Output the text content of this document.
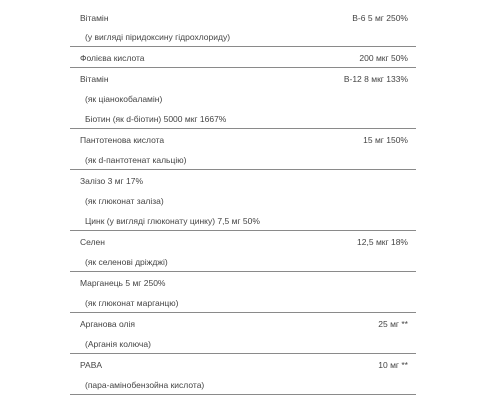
Вітамін	B-6 5 мг 250%
(у вигляді піридоксину гідрохлориду)
Фолієва кислота	200 мкг 50%
Вітамін	B-12 8 мкг 133%
(як ціанокобаламін)
Біотин (як d-біотин) 5000 мкг 1667%
Пантотенова кислота	15 мг 150%
(як d-пантотенат кальцію)
Залізо 3 мг 17%
(як глюконат заліза)
Цинк (у вигляді глюконату цинку) 7,5 мг 50%
Селен	12,5 мкг 18%
(як селенові дріжджі)
Марганець 5 мг 250%
(як глюконат марганцю)
Арганова олія	25 мг **
(Арганія колюча)
PABA	10 мг **
(пара-амінобензойна кислота)
